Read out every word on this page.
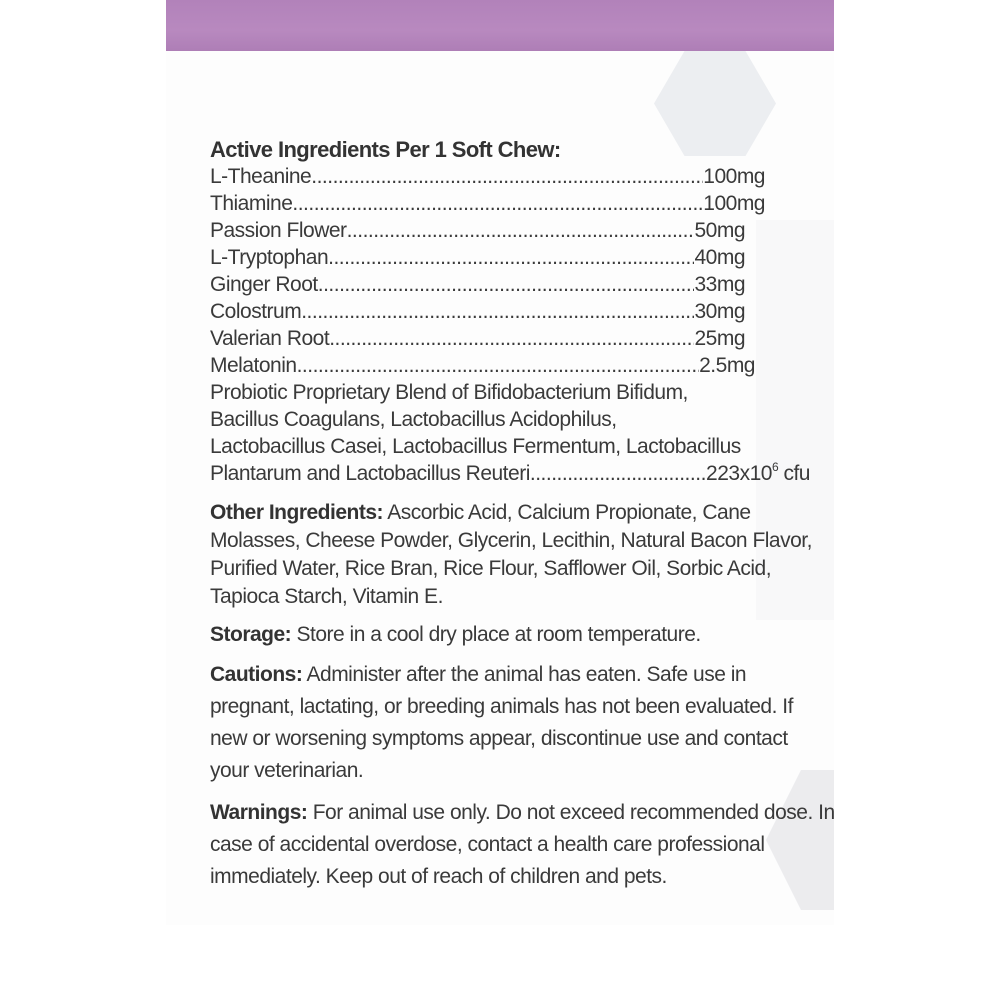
Active Ingredients Per 1 Soft Chew:
L-Theanine .....	100mg
Thiamine .....	100mg
Passion Flower .....	50mg
L-Tryptophan .....	40mg
Ginger Root .....	33mg
Colostrum .....	30mg
Valerian Root .....	25mg
Melatonin .....	2.5mg
Probiotic Proprietary Blend of Bifidobacterium Bifidum,
Bacillus Coagulans, Lactobacillus Acidophilus,
Lactobacillus Casei, Lactobacillus Fermentum, Lactobacillus
Plantarum and Lactobacillus Reuteri .....	$223x10^6$ cfu
Other Ingredients: Ascorbic Acid, Calcium Propionate, Cane Molasses, Cheese Powder, Glycerin, Lecithin, Natural Bacon Flavor, Purified Water, Rice Bran, Rice Flour, Safflower Oil, Sorbic Acid, Tapioca Starch, Vitamin E.
Storage: Store in a cool dry place at room temperature.
Cautions: Administer after the animal has eaten. Safe use in pregnant, lactating, or breeding animals has not been evaluated. If new or worsening symptoms appear, discontinue use and contact your veterinarian.
Warnings: For animal use only. Do not exceed recommended dose. In case of accidental overdose, contact a health care professional immediately. Keep out of reach of children and pets.
